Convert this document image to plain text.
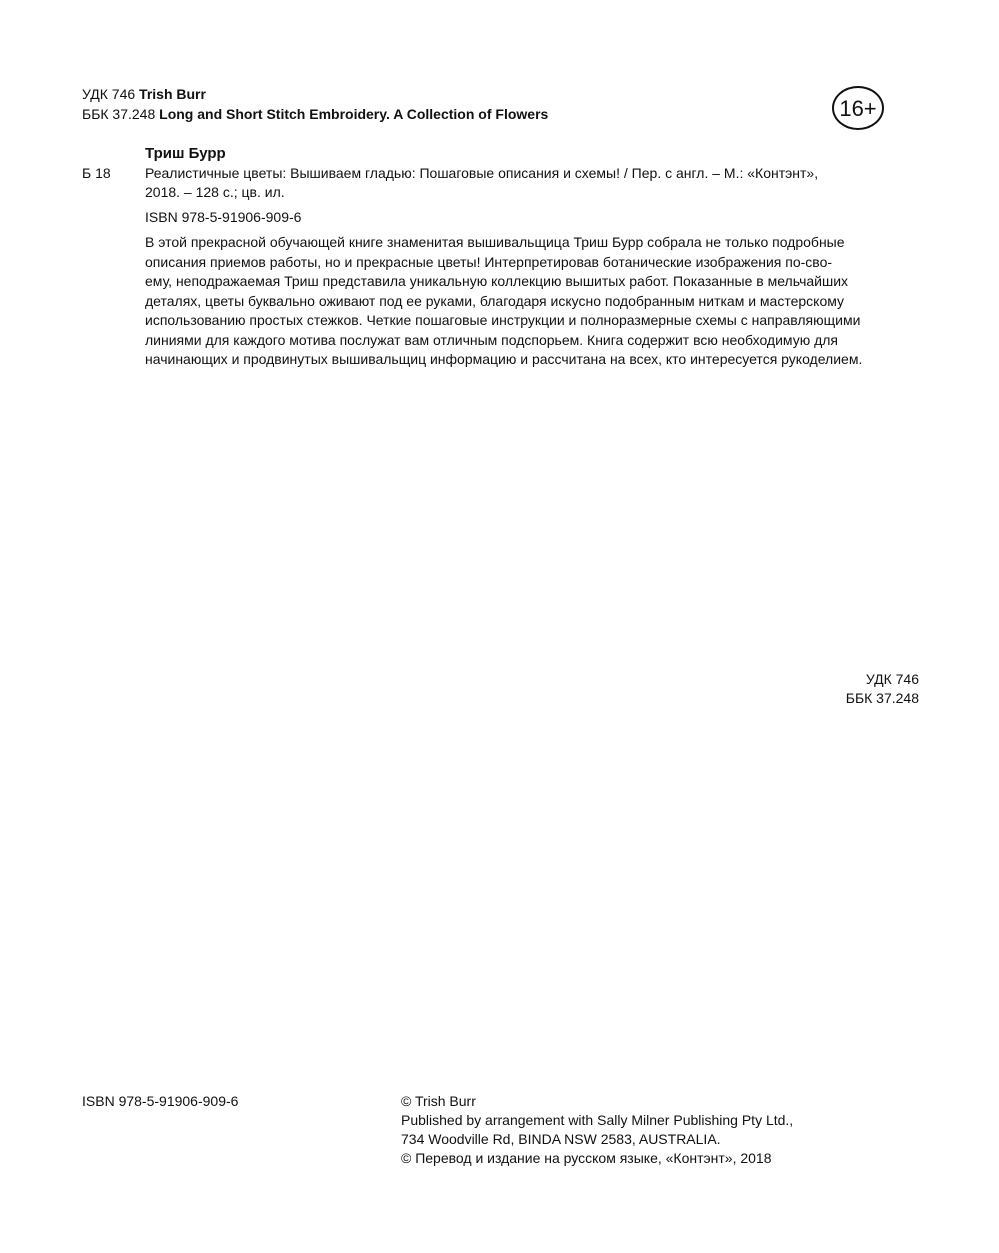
УДК 746 Trish Burr
ББК 37.248 Long and Short Stitch Embroidery. A Collection of Flowers	16+
Триш Бурр
Б 18 Реалистичные цветы: Вышиваем гладью: Пошаговые описания и схемы! / Пер. с англ. – М.: «Контэнт»,
2018. – 128 с.; цв. ил.
ISBN 978-5-91906-909-6
В этой прекрасной обучающей книге знаменитая вышивальщица Триш Бурр собрала не только подробные
описания приемов работы, но и прекрасные цветы! Интерпретировав ботанические изображения по-сво-
ему, неподражаемая Триш представила уникальную коллекцию вышитых работ. Показанные в мельчайших
деталях, цветы буквально оживают под ее руками, благодаря искусно подобранным ниткам и мастерскому
использованию простых стежков. Четкие пошаговые инструкции и полноразмерные схемы с направляющими
линиями для каждого мотива послужат вам отличным подспорьем. Книга содержит всю необходимую для
начинающих и продвинутых вышивальщиц информацию и рассчитана на всех, кто интересуется рукоделием.
УДК 746
ББК 37.248
ISBN 978-5-91906-909-6	© Trish Burr
Published by arrangement with Sally Milner Publishing Pty Ltd.,
734 Woodville Rd, BINDA NSW 2583, AUSTRALIA.
© Перевод и издание на русском языке, «Контэнт», 2018
